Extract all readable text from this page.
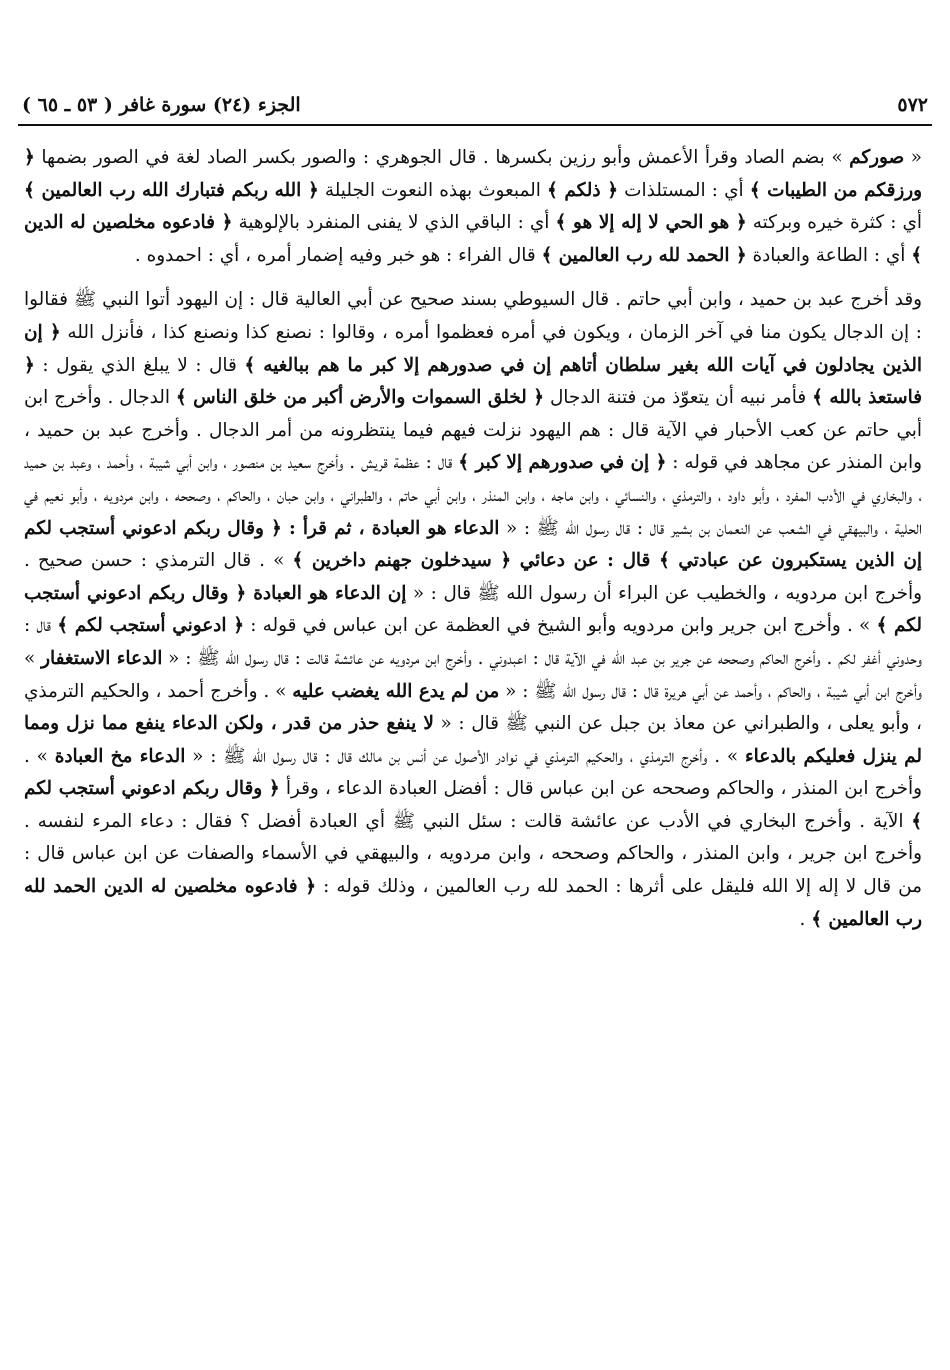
٥٧٢
الجزء (٢٤) سورة غافر ( ٥٣ ـ ٦٥ )

« صوركم » بضم الصاد وقرأ الأعمش وأبو رزين بكسرها . قال الجوهري : والصور بكسر الصاد لغة في الصور بضمها ﴿ ورزقكم من الطيبات ﴾ أي : المستلذات ﴿ ذلكم ﴾ المبعوث بهذه النعوت الجليلة ﴿ الله ربكم فتبارك الله رب العالمين ﴾ أي : كثرة خيره وبركته ﴿ هو الحي لا إله إلا هو ﴾ أي : الباقي الذي لا يفنى المنفرد بالإلوهية ﴿ فادعوه مخلصين له الدين ﴾ أي : الطاعة والعبادة ﴿ الحمد لله رب العالمين ﴾ قال الفراء : هو خبر وفيه إضمار أمره ، أي : احمدوه .

وقد أخرج عبد بن حميد ، وابن أبي حاتم . قال السيوطي بسند صحيح عن أبي العالية قال : إن اليهود أتوا النبي ﷺ فقالوا : إن الدجال يكون منا في آخر الزمان ، ويكون في أمره فعظموا أمره ، وقالوا : نصنع كذا ونصنع كذا ، فأنزل الله ﴿ إن الذين يجادلون في آيات الله بغير سلطان أتاهم إن في صدورهم إلا كبر ما هم ببالغيه ﴾ قال : لا يبلغ الذي يقول : ﴿ فاستعذ بالله ﴾ فأمر نبيه أن يتعوّذ من فتنة الدجال ﴿ لخلق السموات والأرض أكبر من خلق الناس ﴾ الدجال . وأخرج ابن أبي حاتم عن كعب الأحبار في الآية قال : هم اليهود نزلت فيهم فيما ينتظرونه من أمر الدجال . وأخرج عبد بن حميد ، وابن المنذر عن مجاهد في قوله : ﴿ إن في صدورهم إلا كبر ﴾ قال : عظمة قريش . وأخرج سعيد بن منصور ، وابن أبي شيبة ، وأحمد ، وعبد بن حميد ، والبخاري في الأدب المفرد ، وأبو داود ، والترمذي ، والنسائي ، وابن ماجه ، وابن المنذر ، وابن أبي حاتم ، والطبراني ، وابن حبان ، والحاكم ، وصححه ، وابن مردويه ، وأبو نعيم في الحلية ، والبيهقي في الشعب عن النعمان بن بشير قال : قال رسول الله ﷺ : « الدعاء هو العبادة ، ثم قرأ : ﴿ وقال ربكم ادعوني أستجب لكم إن الذين يستكبرون عن عبادتي ﴾ قال : عن دعائي ﴿ سيدخلون جهنم داخرين ﴾ » . قال الترمذي : حسن صحيح . وأخرج ابن مردويه ، والخطيب عن البراء أن رسول الله ﷺ قال : « إن الدعاء هو العبادة ﴿ وقال ربكم ادعوني أستجب لكم ﴾ » . وأخرج ابن جرير وابن مردويه وأبو الشيخ في العظمة عن ابن عباس في قوله : ﴿ ادعوني أستجب لكم ﴾ قال : وحدوني أغفر لكم . وأخرج الحاكم وصححه عن جرير بن عبد الله في الآية قال : اعبدوني . وأخرج ابن مردويه عن عائشة قالت : قال رسول الله ﷺ : « الدعاء الاستغفار » وأخرج ابن أبي شيبة ، والحاكم ، وأحمد عن أبي هريرة قال : قال رسول الله ﷺ : « من لم يدع الله يغضب عليه » . وأخرج أحمد ، والحكيم الترمذي ، وأبو يعلى ، والطبراني عن معاذ بن جبل عن النبي ﷺ قال : « لا ينفع حذر من قدر ، ولكن الدعاء ينفع مما نزل ومما لم ينزل فعليكم بالدعاء » . وأخرج الترمذي ، والحكيم الترمذي في نوادر الأصول عن أنس بن مالك قال : قال رسول الله ﷺ : « الدعاء مخ العبادة » . وأخرج ابن المنذر ، والحاكم وصححه عن ابن عباس قال : أفضل العبادة الدعاء ، وقرأ ﴿ وقال ربكم ادعوني أستجب لكم ﴾ الآية . وأخرج البخاري في الأدب عن عائشة قالت : سئل النبي ﷺ أي العبادة أفضل ؟ فقال : دعاء المرء لنفسه . وأخرج ابن جرير ، وابن المنذر ، والحاكم وصححه ، وابن مردويه ، والبيهقي في الأسماء والصفات عن ابن عباس قال : من قال لا إله إلا الله فليقل على أثرها : الحمد لله رب العالمين ، وذلك قوله : ﴿ فادعوه مخلصين له الدين الحمد لله رب العالمين ﴾ .
